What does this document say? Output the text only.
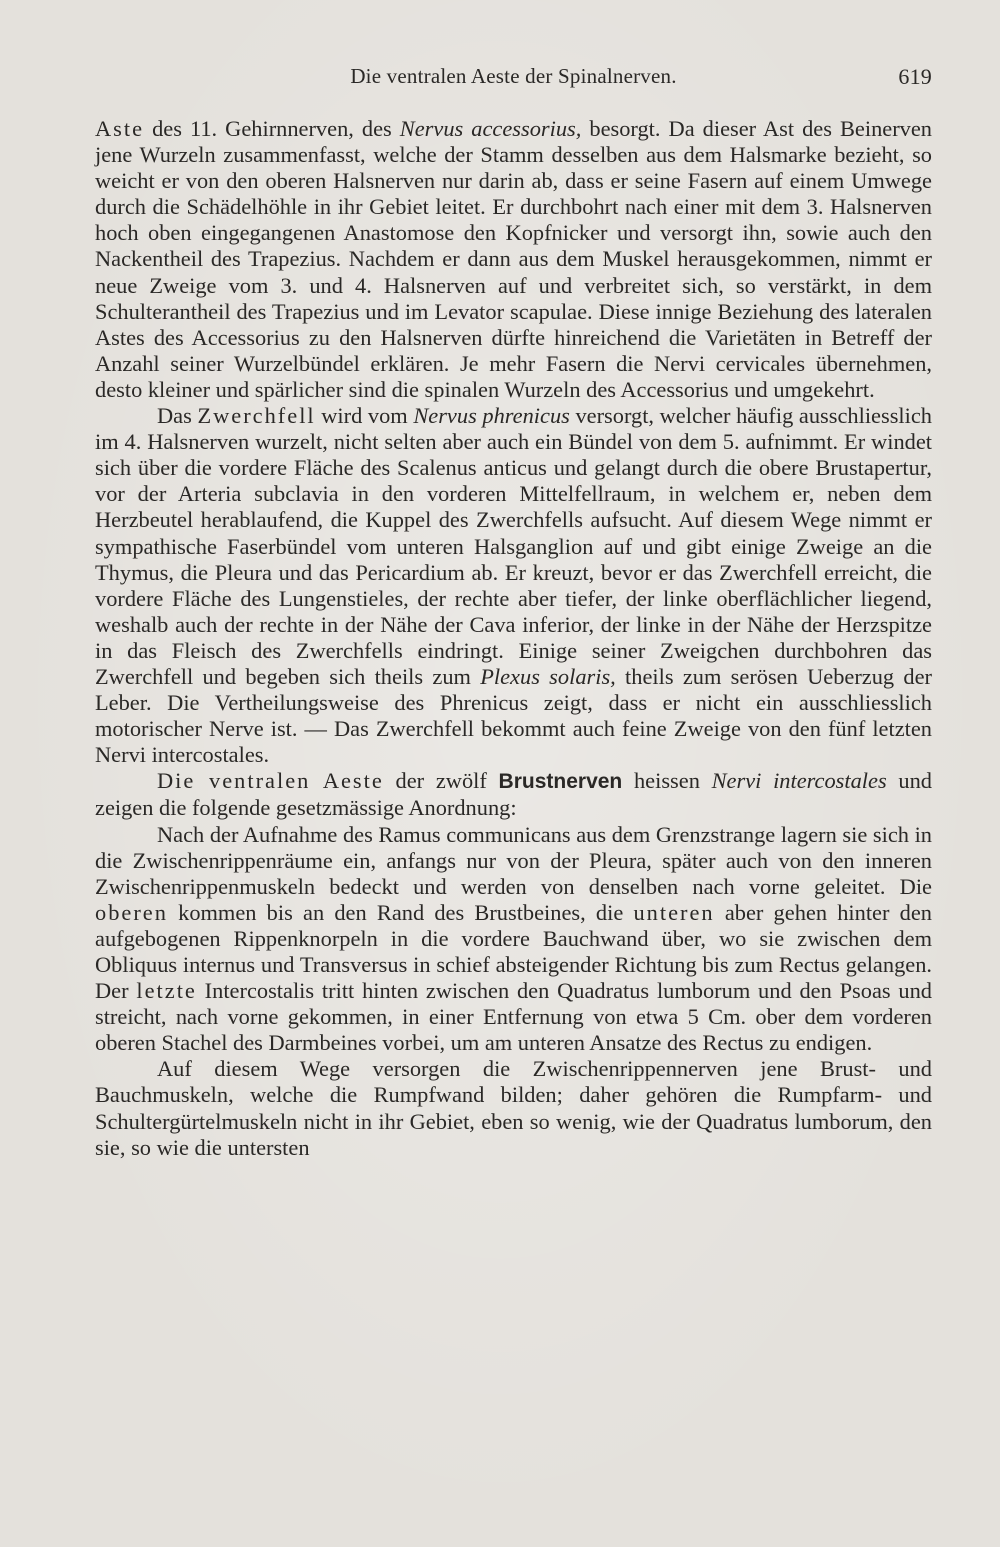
Die ventralen Aeste der Spinalnerven.	619

Aste des 11. Gehirnnerven, des Nervus accessorius, besorgt. Da dieser Ast des Beinerven jene Wurzeln zusammenfasst, welche der Stamm desselben aus dem Halsmarke bezieht, so weicht er von den oberen Halsnerven nur darin ab, dass er seine Fasern auf einem Umwege durch die Schädelhöhle in ihr Gebiet leitet. Er durchbohrt nach einer mit dem 3. Halsnerven hoch oben eingegangenen Anastomose den Kopfnicker und versorgt ihn, sowie auch den Nackentheil des Trapezius. Nachdem er dann aus dem Muskel herausgekommen, nimmt er neue Zweige vom 3. und 4. Halsnerven auf und verbreitet sich, so verstärkt, in dem Schulterantheil des Trapezius und im Levator scapulae. Diese innige Beziehung des lateralen Astes des Accessorius zu den Halsnerven dürfte hinreichend die Varietäten in Betreff der Anzahl seiner Wurzelbündel erklären. Je mehr Fasern die Nervi cervicales übernehmen, desto kleiner und spärlicher sind die spinalen Wurzeln des Accessorius und umgekehrt.

Das Zwerchfell wird vom Nervus phrenicus versorgt, welcher häufig ausschliesslich im 4. Halsnerven wurzelt, nicht selten aber auch ein Bündel von dem 5. aufnimmt. Er windet sich über die vordere Fläche des Scalenus anticus und gelangt durch die obere Brustapertur, vor der Arteria subclavia in den vorderen Mittelfellraum, in welchem er, neben dem Herzbeutel herablaufend, die Kuppel des Zwerchfells aufsucht. Auf diesem Wege nimmt er sympathische Faserbündel vom unteren Halsganglion auf und gibt einige Zweige an die Thymus, die Pleura und das Pericardium ab. Er kreuzt, bevor er das Zwerchfell erreicht, die vordere Fläche des Lungenstieles, der rechte aber tiefer, der linke oberflächlicher liegend, weshalb auch der rechte in der Nähe der Cava inferior, der linke in der Nähe der Herzspitze in das Fleisch des Zwerchfells eindringt. Einige seiner Zweigchen durchbohren das Zwerchfell und begeben sich theils zum Plexus solaris, theils zum serösen Ueberzug der Leber. Die Vertheilungsweise des Phrenicus zeigt, dass er nicht ein ausschliesslich motorischer Nerve ist. — Das Zwerchfell bekommt auch feine Zweige von den fünf letzten Nervi intercostales.

Die ventralen Aeste der zwölf Brustnerven heissen Nervi intercostales und zeigen die folgende gesetzmässige Anordnung:

Nach der Aufnahme des Ramus communicans aus dem Grenzstrange lagern sie sich in die Zwischenrippenräume ein, anfangs nur von der Pleura, später auch von den inneren Zwischenrippenmuskeln bedeckt und werden von denselben nach vorne geleitet. Die oberen kommen bis an den Rand des Brustbeines, die unteren aber gehen hinter den aufgebogenen Rippenknorpeln in die vordere Bauchwand über, wo sie zwischen dem Obliquus internus und Transversus in schief absteigender Richtung bis zum Rectus gelangen. Der letzte Intercostalis tritt hinten zwischen den Quadratus lumborum und den Psoas und streicht, nach vorne gekommen, in einer Entfernung von etwa 5 Cm. ober dem vorderen oberen Stachel des Darmbeines vorbei, um am unteren Ansatze des Rectus zu endigen.

Auf diesem Wege versorgen die Zwischenrippennerven jene Brust- und Bauchmuskeln, welche die Rumpfwand bilden; daher gehören die Rumpfarm- und Schultergürtelmuskeln nicht in ihr Gebiet, eben so wenig, wie der Quadratus lumborum, den sie, so wie die untersten
